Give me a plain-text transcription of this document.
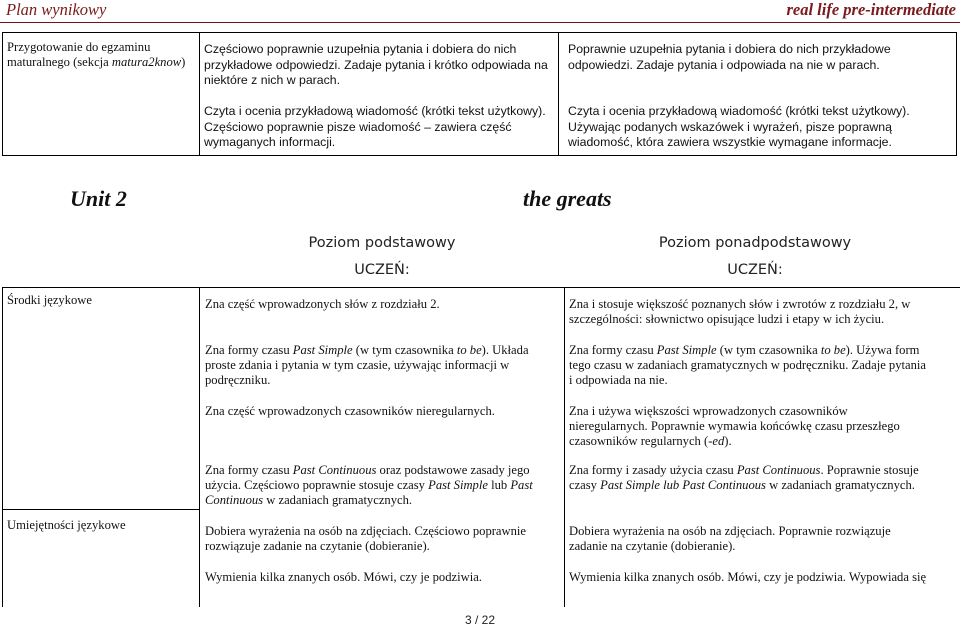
Plan wynikowy	real life pre-intermediate
Przygotowanie do egzaminu
maturalnego (sekcja matura2know)
Częściowo poprawnie uzupełnia pytania i dobiera do nich
przykładowe odpowiedzi. Zadaje pytania i krótko odpowiada na
niektóre z nich w parach.
Czyta i ocenia przykładową wiadomość (krótki tekst użytkowy).
Częściowo poprawnie pisze wiadomość – zawiera część
wymaganych informacji.
Poprawnie uzupełnia pytania i dobiera do nich przykładowe
odpowiedzi. Zadaje pytania i odpowiada na nie w parach.
Czyta i ocenia przykładową wiadomość (krótki tekst użytkowy).
Używając podanych wskazówek i wyrażeń, pisze poprawną
wiadomość, która zawiera wszystkie wymagane informacje.
Unit 2	the greats
Poziom podstawowy
UCZEŃ:
Poziom ponadpodstawowy
UCZEŃ:
Środki językowe
Umiejętności językowe
Zna część wprowadzonych słów z rozdziału 2.
Zna formy czasu Past Simple (w tym czasownika to be). Układa
proste zdania i pytania w tym czasie, używając informacji w
podręczniku.
Zna część wprowadzonych czasowników nieregularnych.
Zna formy czasu Past Continuous oraz podstawowe zasady jego
użycia. Częściowo poprawnie stosuje czasy Past Simple lub Past
Continuous w zadaniach gramatycznych.
Dobiera wyrażenia na osób na zdjęciach. Częściowo poprawnie
rozwiązuje zadanie na czytanie (dobieranie).
Wymienia kilka znanych osób. Mówi, czy je podziwia.
Zna i stosuje większość poznanych słów i zwrotów z rozdziału 2, w
szczególności: słownictwo opisujące ludzi i etapy w ich życiu.
Zna formy czasu Past Simple (w tym czasownika to be). Używa form
tego czasu w zadaniach gramatycznych w podręczniku. Zadaje pytania
i odpowiada na nie.
Zna i używa większości wprowadzonych czasowników
nieregularnych. Poprawnie wymawia końcówkę czasu przeszłego
czasowników regularnych (-ed).
Zna formy i zasady użycia czasu Past Continuous. Poprawnie stosuje
czasy Past Simple lub Past Continuous w zadaniach gramatycznych.
Dobiera wyrażenia na osób na zdjęciach. Poprawnie rozwiązuje
zadanie na czytanie (dobieranie).
Wymienia kilka znanych osób. Mówi, czy je podziwia. Wypowiada się
3 / 22
